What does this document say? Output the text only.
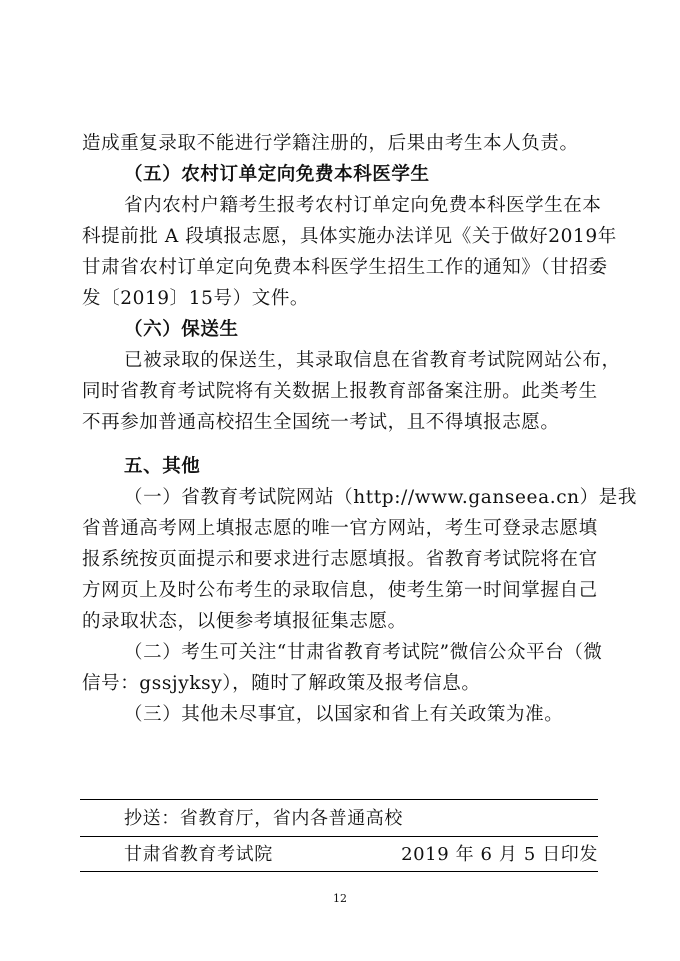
造成重复录取不能进行学籍注册的，后果由考生本人负责。
（五）农村订单定向免费本科医学生
省内农村户籍考生报考农村订单定向免费本科医学生在本
科提前批 A 段填报志愿，具体实施办法详见《关于做好2019年
甘肃省农村订单定向免费本科医学生招生工作的通知》（甘招委
发〔2019〕15号）文件。
（六）保送生
已被录取的保送生，其录取信息在省教育考试院网站公布，
同时省教育考试院将有关数据上报教育部备案注册。此类考生
不再参加普通高校招生全国统一考试，且不得填报志愿。
五、其他
（一）省教育考试院网站（http://www.ganseea.cn）是我
省普通高考网上填报志愿的唯一官方网站，考生可登录志愿填
报系统按页面提示和要求进行志愿填报。省教育考试院将在官
方网页上及时公布考生的录取信息，使考生第一时间掌握自己
的录取状态，以便参考填报征集志愿。
（二）考生可关注“甘肃省教育考试院”微信公众平台（微
信号：gssjyksy），随时了解政策及报考信息。
（三）其他未尽事宜，以国家和省上有关政策为准。
抄送：省教育厅，省内各普通高校
甘肃省教育考试院	2019 年 6 月 5 日印发
12
